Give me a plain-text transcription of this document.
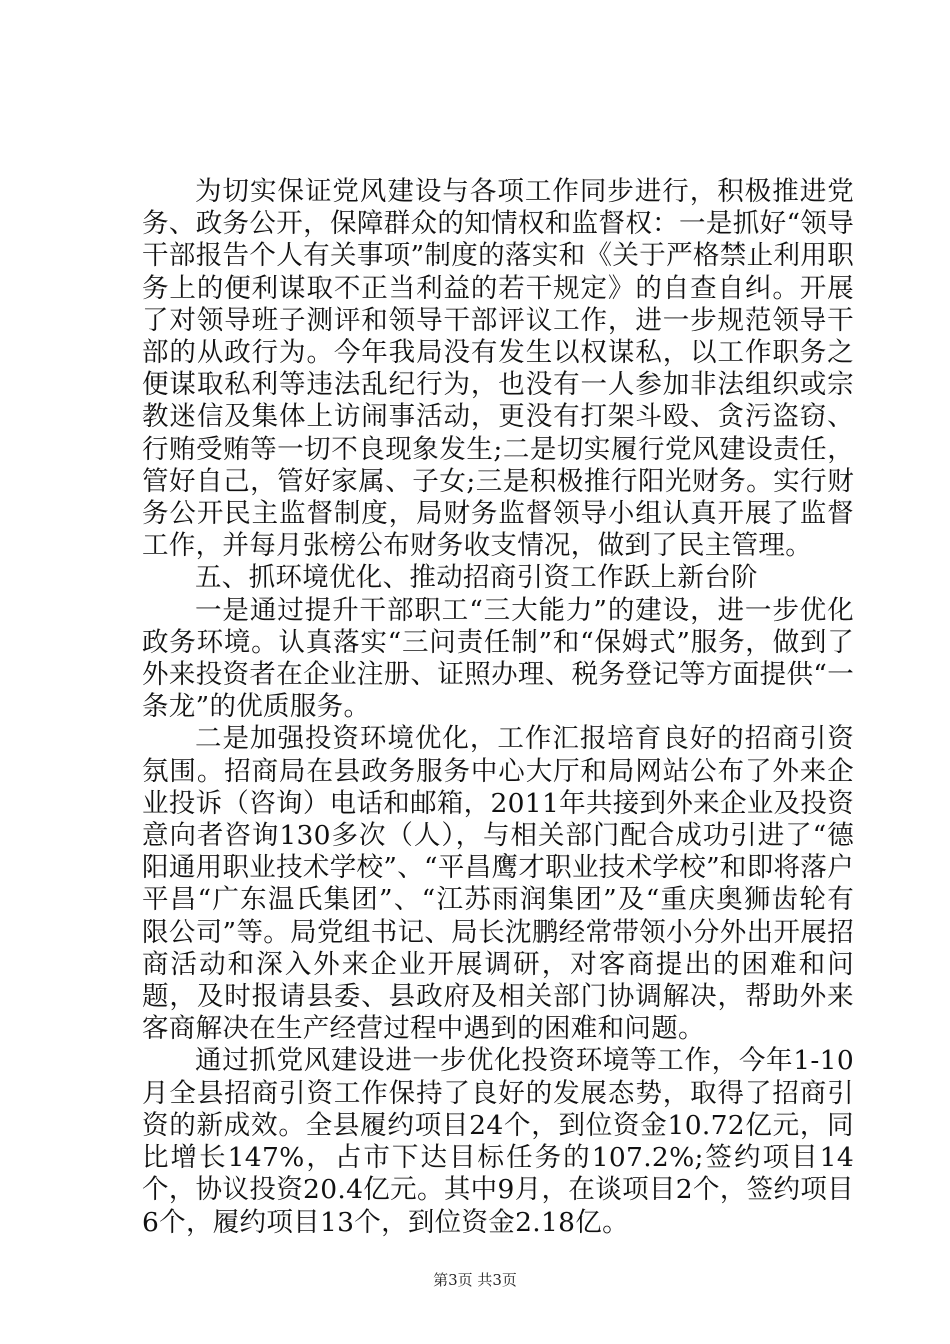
为切实保证党风建设与各项工作同步进行，积极推进党务、政务公开，保障群众的知情权和监督权：一是抓好“领导干部报告个人有关事项”制度的落实和《关于严格禁止利用职务上的便利谋取不正当利益的若干规定》的自查自纠。开展了对领导班子测评和领导干部评议工作，进一步规范领导干部的从政行为。今年我局没有发生以权谋私，以工作职务之便谋取私利等违法乱纪行为，也没有一人参加非法组织或宗教迷信及集体上访闹事活动，更没有打架斗殴、贪污盗窃、行贿受贿等一切不良现象发生;二是切实履行党风建设责任，管好自己，管好家属、子女;三是积极推行阳光财务。实行财务公开民主监督制度，局财务监督领导小组认真开展了监督工作，并每月张榜公布财务收支情况，做到了民主管理。

五、抓环境优化、推动招商引资工作跃上新台阶

一是通过提升干部职工“三大能力”的建设，进一步优化政务环境。认真落实“三问责任制”和“保姆式”服务，做到了外来投资者在企业注册、证照办理、税务登记等方面提供“一条龙”的优质服务。

二是加强投资环境优化，工作汇报培育良好的招商引资氛围。招商局在县政务服务中心大厅和局网站公布了外来企业投诉（咨询）电话和邮箱，2011年共接到外来企业及投资意向者咨询130多次（人），与相关部门配合成功引进了“德阳通用职业技术学校”、“平昌鹰才职业技术学校”和即将落户平昌“广东温氏集团”、“江苏雨润集团”及“重庆奥狮齿轮有限公司”等。局党组书记、局长沈鹏经常带领小分外出开展招商活动和深入外来企业开展调研，对客商提出的困难和问题，及时报请县委、县政府及相关部门协调解决，帮助外来客商解决在生产经营过程中遇到的困难和问题。

通过抓党风建设进一步优化投资环境等工作，今年1-10月全县招商引资工作保持了良好的发展态势，取得了招商引资的新成效。全县履约项目24个，到位资金10.72亿元，同比增长147%，占市下达目标任务的107.2%;签约项目14个，协议投资20.4亿元。其中9月，在谈项目2个，签约项目6个，履约项目13个，到位资金2.18亿。

第3页 共3页
